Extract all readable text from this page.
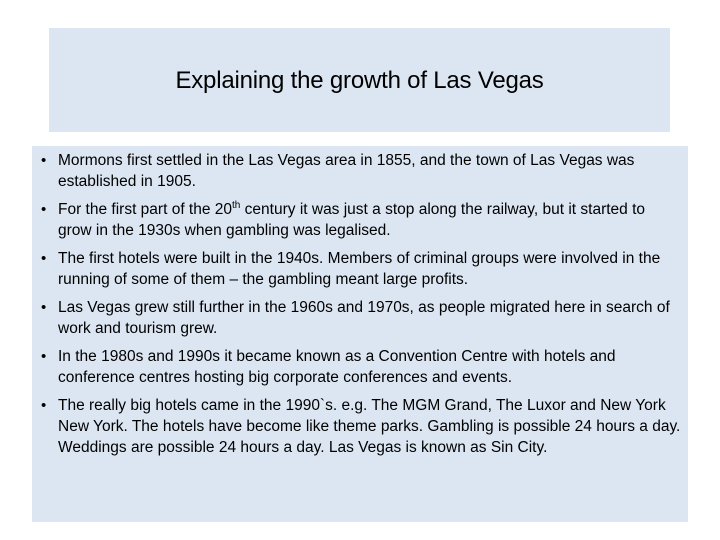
Explaining the growth of Las Vegas
• Mormons first settled in the Las Vegas area in 1855, and the town of Las Vegas was established in 1905.
• For the first part of the 20th century it was just a stop along the railway, but it started to grow in the 1930s when gambling was legalised.
• The first hotels were built in the 1940s. Members of criminal groups were involved in the running of some of them – the gambling meant large profits.
• Las Vegas grew still further in the 1960s and 1970s, as people migrated here in search of work and tourism grew.
• In the 1980s and 1990s it became known as a Convention Centre with hotels and conference centres hosting big corporate conferences and events.
• The really big hotels came in the 1990`s. e.g. The MGM Grand, The Luxor and New York New York. The hotels have become like theme parks. Gambling is possible 24 hours a day. Weddings are possible 24 hours a day. Las Vegas is known as Sin City.
